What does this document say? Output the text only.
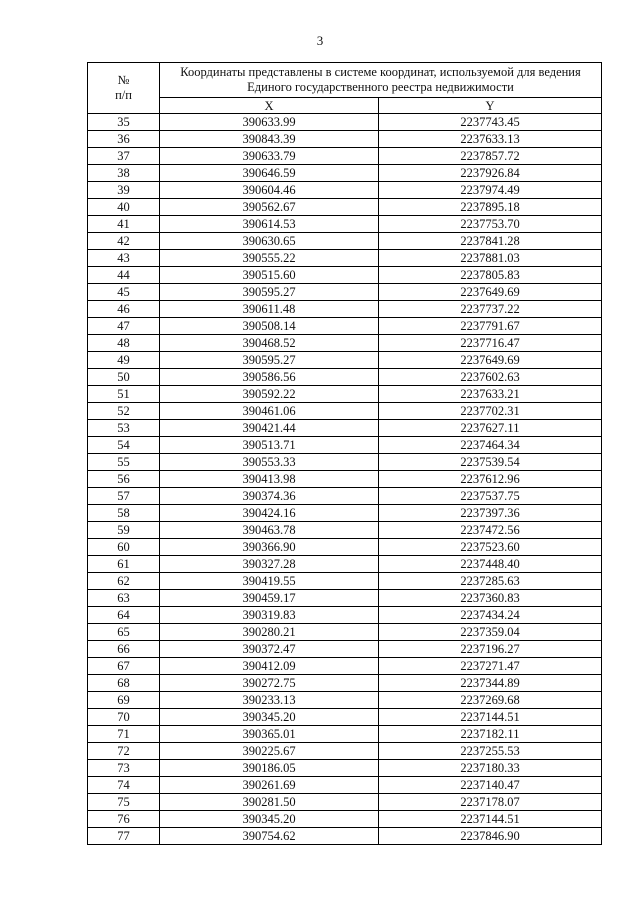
3
№
п/п	Координаты представлены в системе координат, используемой для ведения Единого государственного реестра недвижимости	
	X	Y
35	390633.99	2237743.45
36	390843.39	2237633.13
37	390633.79	2237857.72
38	390646.59	2237926.84
39	390604.46	2237974.49
40	390562.67	2237895.18
41	390614.53	2237753.70
42	390630.65	2237841.28
43	390555.22	2237881.03
44	390515.60	2237805.83
45	390595.27	2237649.69
46	390611.48	2237737.22
47	390508.14	2237791.67
48	390468.52	2237716.47
49	390595.27	2237649.69
50	390586.56	2237602.63
51	390592.22	2237633.21
52	390461.06	2237702.31
53	390421.44	2237627.11
54	390513.71	2237464.34
55	390553.33	2237539.54
56	390413.98	2237612.96
57	390374.36	2237537.75
58	390424.16	2237397.36
59	390463.78	2237472.56
60	390366.90	2237523.60
61	390327.28	2237448.40
62	390419.55	2237285.63
63	390459.17	2237360.83
64	390319.83	2237434.24
65	390280.21	2237359.04
66	390372.47	2237196.27
67	390412.09	2237271.47
68	390272.75	2237344.89
69	390233.13	2237269.68
70	390345.20	2237144.51
71	390365.01	2237182.11
72	390225.67	2237255.53
73	390186.05	2237180.33
74	390261.69	2237140.47
75	390281.50	2237178.07
76	390345.20	2237144.51
77	390754.62	2237846.90
